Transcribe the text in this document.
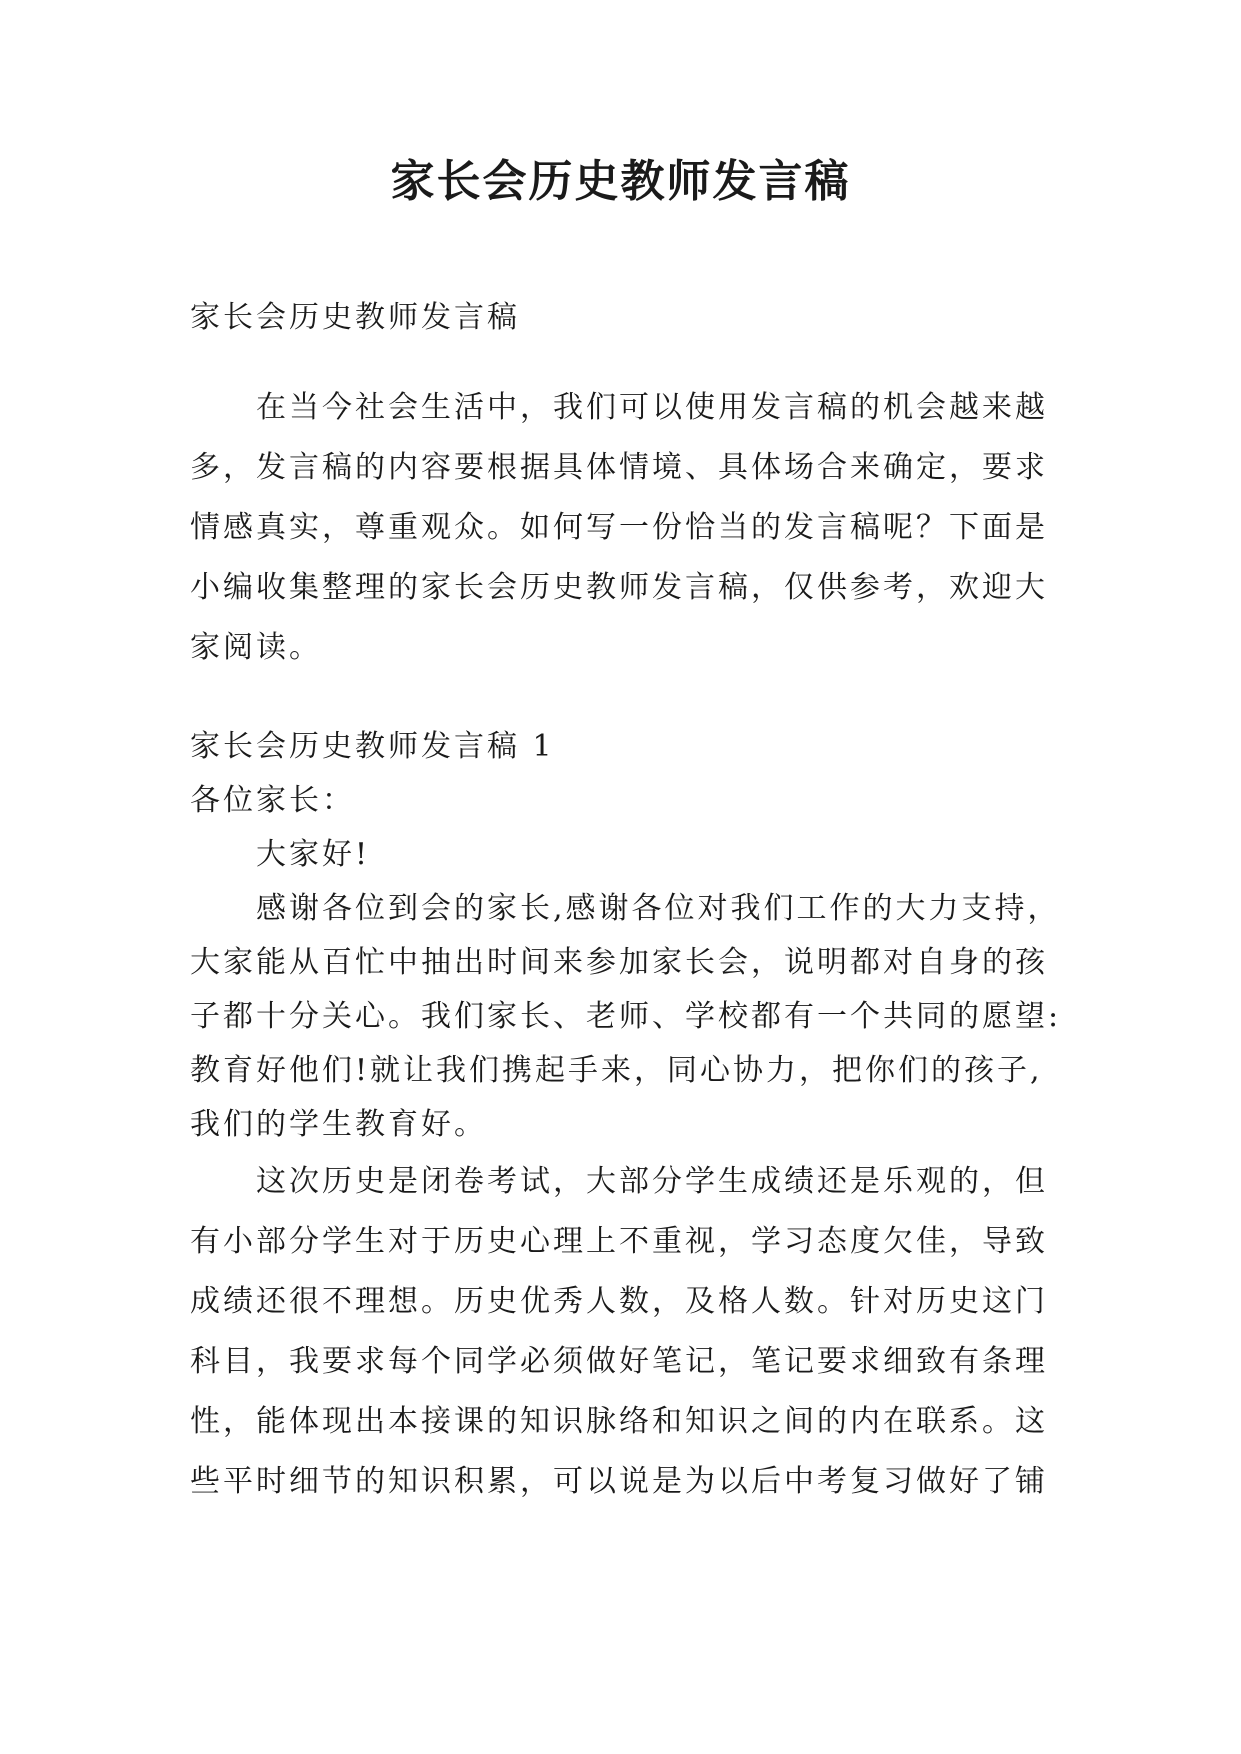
家长会历史教师发言稿

家长会历史教师发言稿

在当今社会生活中，我们可以使用发言稿的机会越来越

多，发言稿的内容要根据具体情境、具体场合来确定，要求

情感真实，尊重观众。如何写一份恰当的发言稿呢？下面是

小编收集整理的家长会历史教师发言稿，仅供参考，欢迎大

家阅读。

家长会历史教师发言稿 1

各位家长：

大家好!

感谢各位到会的家长,感谢各位对我们工作的大力支持，

大家能从百忙中抽出时间来参加家长会，说明都对自身的孩

子都十分关心。我们家长、老师、学校都有一个共同的愿望:

教育好他们!就让我们携起手来，同心协力，把你们的孩子,

我们的学生教育好。

这次历史是闭卷考试，大部分学生成绩还是乐观的，但

有小部分学生对于历史心理上不重视，学习态度欠佳，导致

成绩还很不理想。历史优秀人数，及格人数。针对历史这门

科目，我要求每个同学必须做好笔记，笔记要求细致有条理

性，能体现出本接课的知识脉络和知识之间的内在联系。这

些平时细节的知识积累，可以说是为以后中考复习做好了铺
